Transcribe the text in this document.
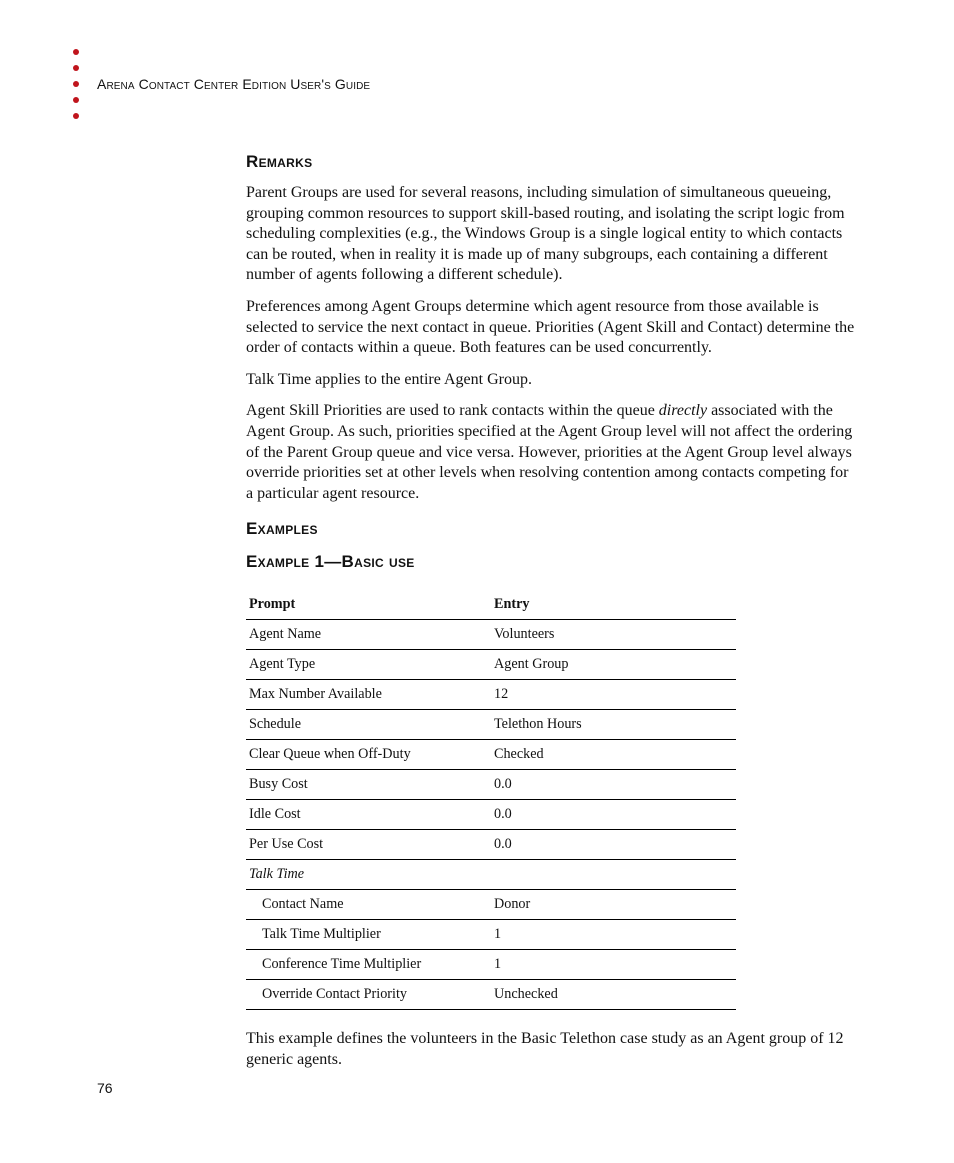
Arena Contact Center Edition User's Guide
Remarks

Parent Groups are used for several reasons, including simulation of simultaneous queueing, grouping common resources to support skill-based routing, and isolating the script logic from scheduling complexities (e.g., the Windows Group is a single logical entity to which contacts can be routed, when in reality it is made up of many subgroups, each containing a different number of agents following a different schedule).

Preferences among Agent Groups determine which agent resource from those available is selected to service the next contact in queue. Priorities (Agent Skill and Contact) determine the order of contacts within a queue. Both features can be used concurrently.

Talk Time applies to the entire Agent Group.

Agent Skill Priorities are used to rank contacts within the queue directly associated with the Agent Group. As such, priorities specified at the Agent Group level will not affect the ordering of the Parent Group queue and vice versa. However, priorities at the Agent Group level always override priorities set at other levels when resolving contention among contacts competing for a particular agent resource.

Examples
Example 1—Basic use
Prompt	Entry
Agent Name	Volunteers
Agent Type	Agent Group
Max Number Available	12
Schedule	Telethon Hours
Clear Queue when Off-Duty	Checked
Busy Cost	0.0
Idle Cost	0.0
Per Use Cost	0.0
Talk Time	
Contact Name	Donor
Talk Time Multiplier	1
Conference Time Multiplier	1
Override Contact Priority	Unchecked

This example defines the volunteers in the Basic Telethon case study as an Agent group of 12 generic agents.

76
